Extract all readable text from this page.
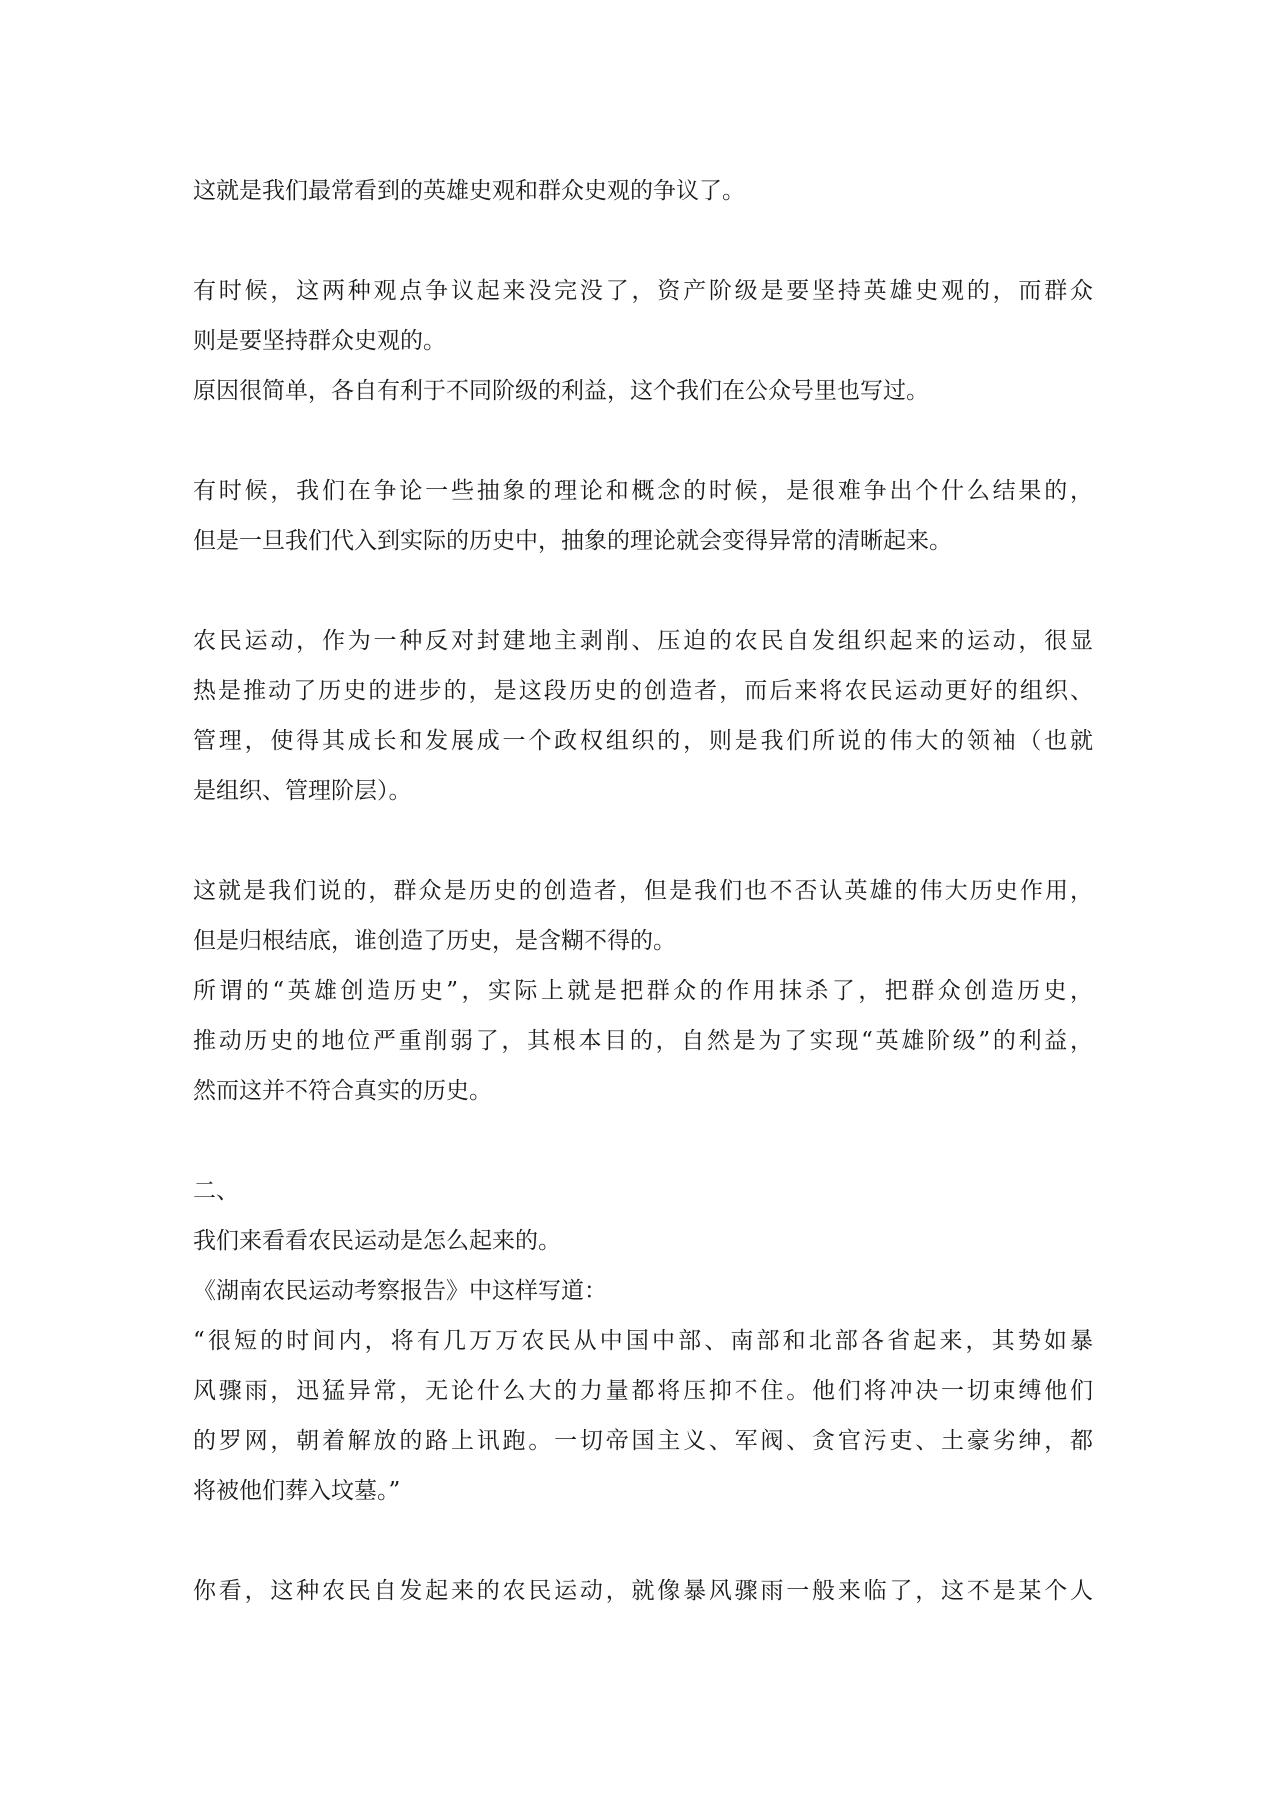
这就是我们最常看到的英雄史观和群众史观的争议了。
有时候，这两种观点争议起来没完没了，资产阶级是要坚持英雄史观的，而群众
则是要坚持群众史观的。
原因很简单，各自有利于不同阶级的利益，这个我们在公众号里也写过。
有时候，我们在争论一些抽象的理论和概念的时候，是很难争出个什么结果的，
但是一旦我们代入到实际的历史中，抽象的理论就会变得异常的清晰起来。
农民运动，作为一种反对封建地主剥削、压迫的农民自发组织起来的运动，很显
热是推动了历史的进步的，是这段历史的创造者，而后来将农民运动更好的组织、
管理，使得其成长和发展成一个政权组织的，则是我们所说的伟大的领袖（也就
是组织、管理阶层）。
这就是我们说的，群众是历史的创造者，但是我们也不否认英雄的伟大历史作用，
但是归根结底，谁创造了历史，是含糊不得的。
所谓的“英雄创造历史”，实际上就是把群众的作用抹杀了，把群众创造历史，
推动历史的地位严重削弱了，其根本目的，自然是为了实现“英雄阶级”的利益，
然而这并不符合真实的历史。
二、
我们来看看农民运动是怎么起来的。
《湖南农民运动考察报告》中这样写道：
“很短的时间内，将有几万万农民从中国中部、南部和北部各省起来，其势如暴
风骤雨，迅猛异常，无论什么大的力量都将压抑不住。他们将冲决一切束缚他们
的罗网，朝着解放的路上讯跑。一切帝国主义、军阀、贪官污吏、土豪劣绅，都
将被他们葬入坟墓。”
你看，这种农民自发起来的农民运动，就像暴风骤雨一般来临了，这不是某个人
